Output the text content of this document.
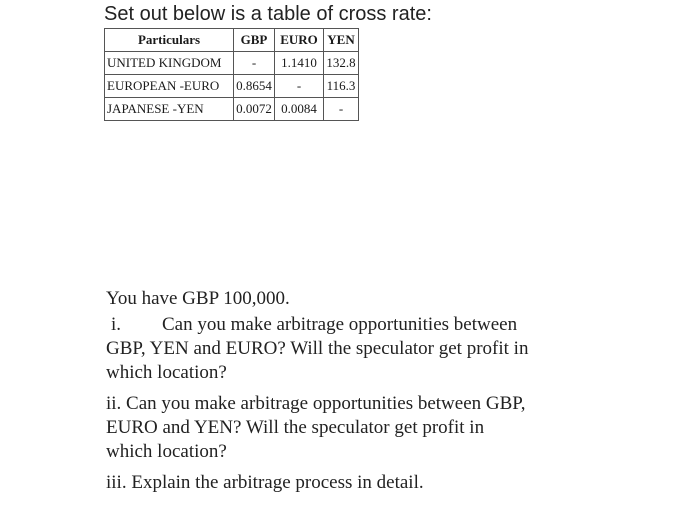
Set out below is a table of cross rate:
Particulars	GBP	EURO	YEN
UNITED KINGDOM	-	1.1410	132.8
EUROPEAN -EURO	0.8654	-	116.3
JAPANESE -YEN	0.0072	0.0084	-

You have GBP 100,000.

i. Can you make arbitrage opportunities between

GBP, YEN and EURO? Will the speculator get profit in

which location?

ii. Can you make arbitrage opportunities between GBP,

EURO and YEN? Will the speculator get profit in

which location?

iii. Explain the arbitrage process in detail.
